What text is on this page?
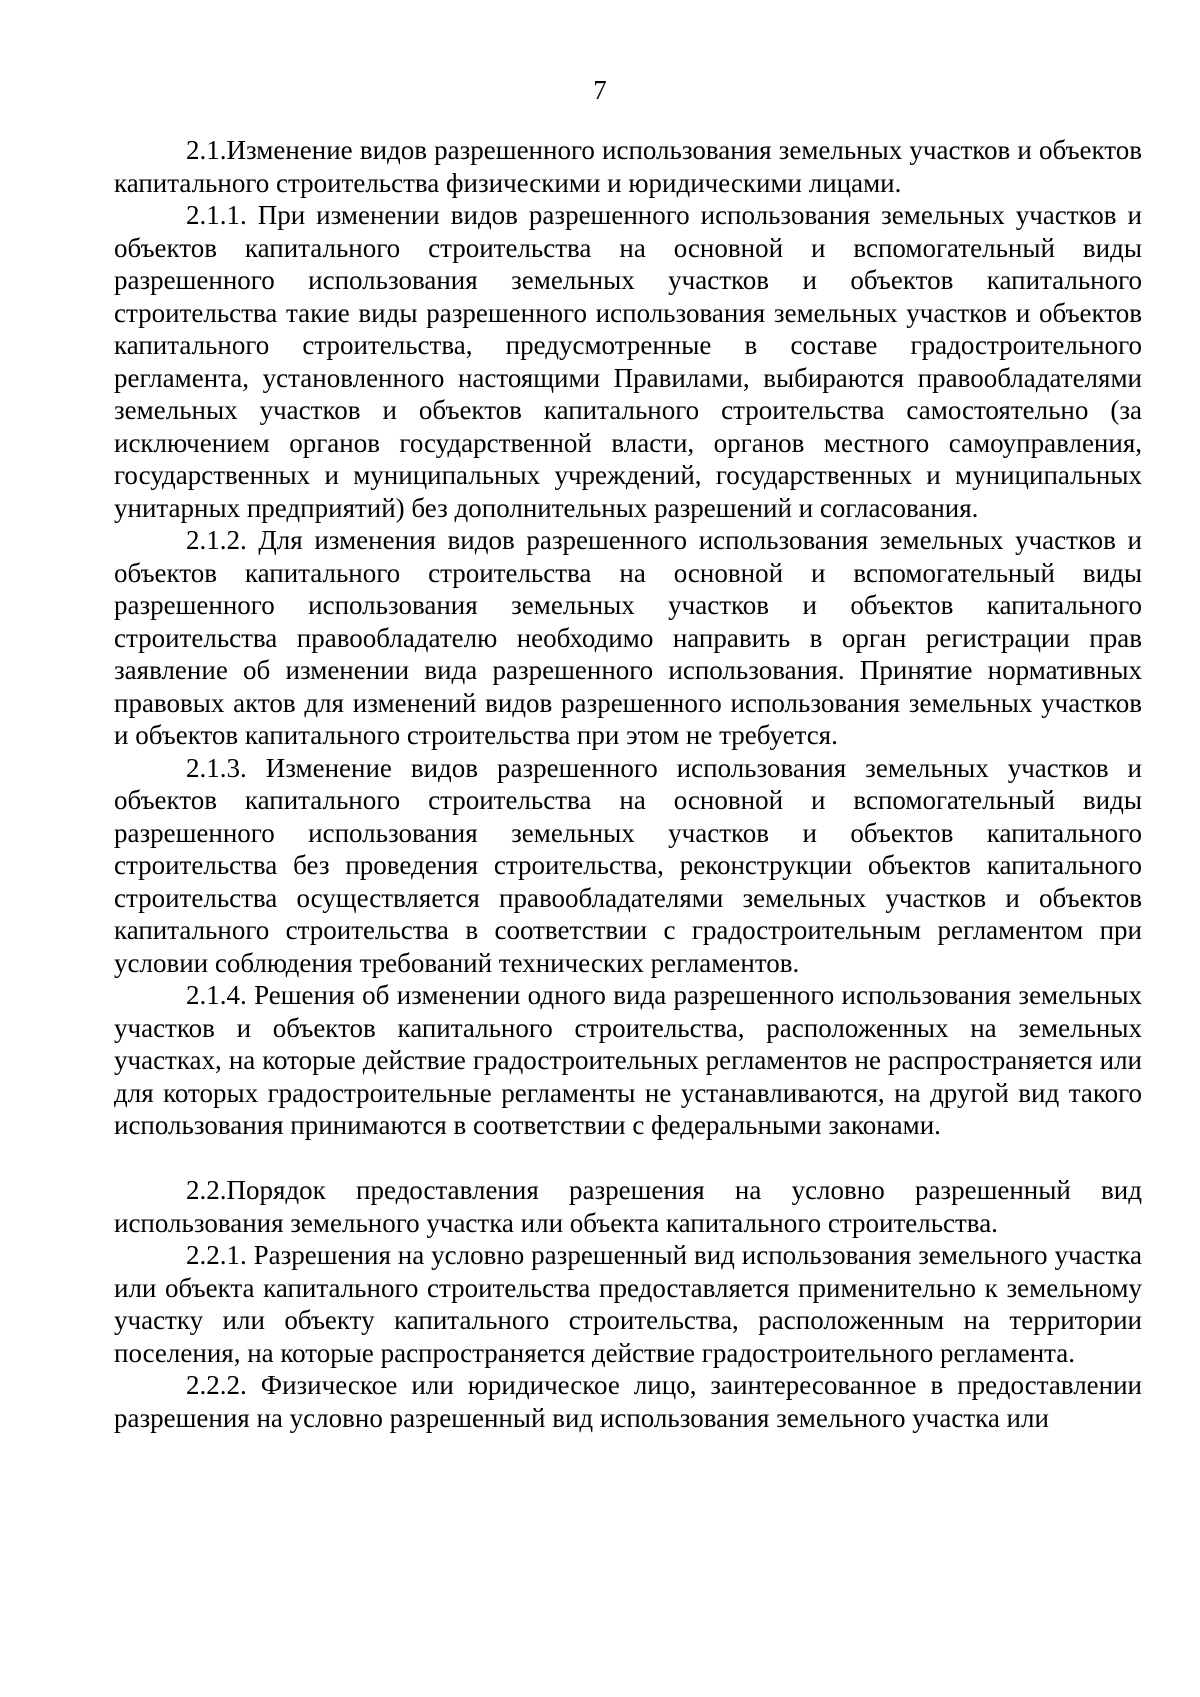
7

2.1.Изменение видов разрешенного использования земельных участков и объектов капитального строительства физическими и юридическими лицами.

2.1.1. При изменении видов разрешенного использования земельных участков и объектов капитального строительства на основной и вспомогательный виды разрешенного использования земельных участков и объектов капитального строительства такие виды разрешенного использования земельных участков и объектов капитального строительства, предусмотренные в составе градостроительного регламента, установленного настоящими Правилами, выбираются правообладателями земельных участков и объектов капитального строительства самостоятельно (за исключением органов государственной власти, органов местного самоуправления, государственных и муниципальных учреждений, государственных и муниципальных унитарных предприятий) без дополнительных разрешений и согласования.

2.1.2. Для изменения видов разрешенного использования земельных участков и объектов капитального строительства на основной и вспомогательный виды разрешенного использования земельных участков и объектов капитального строительства правообладателю необходимо направить в орган регистрации прав заявление об изменении вида разрешенного использования. Принятие нормативных правовых актов для изменений видов разрешенного использования земельных участков и объектов капитального строительства при этом не требуется.

2.1.3. Изменение видов разрешенного использования земельных участков и объектов капитального строительства на основной и вспомогательный виды разрешенного использования земельных участков и объектов капитального строительства без проведения строительства, реконструкции объектов капитального строительства осуществляется правообладателями земельных участков и объектов капитального строительства в соответствии с градостроительным регламентом при условии соблюдения требований технических регламентов.

2.1.4. Решения об изменении одного вида разрешенного использования земельных участков и объектов капитального строительства, расположенных на земельных участках, на которые действие градостроительных регламентов не распространяется или для которых градостроительные регламенты не устанавливаются, на другой вид такого использования принимаются в соответствии с федеральными законами.

2.2.Порядок предоставления разрешения на условно разрешенный вид использования земельного участка или объекта капитального строительства.

2.2.1. Разрешения на условно разрешенный вид использования земельного участка или объекта капитального строительства предоставляется применительно к земельному участку или объекту капитального строительства, расположенным на территории поселения, на которые распространяется действие градостроительного регламента.

2.2.2. Физическое или юридическое лицо, заинтересованное в предоставлении разрешения на условно разрешенный вид использования земельного участка или
